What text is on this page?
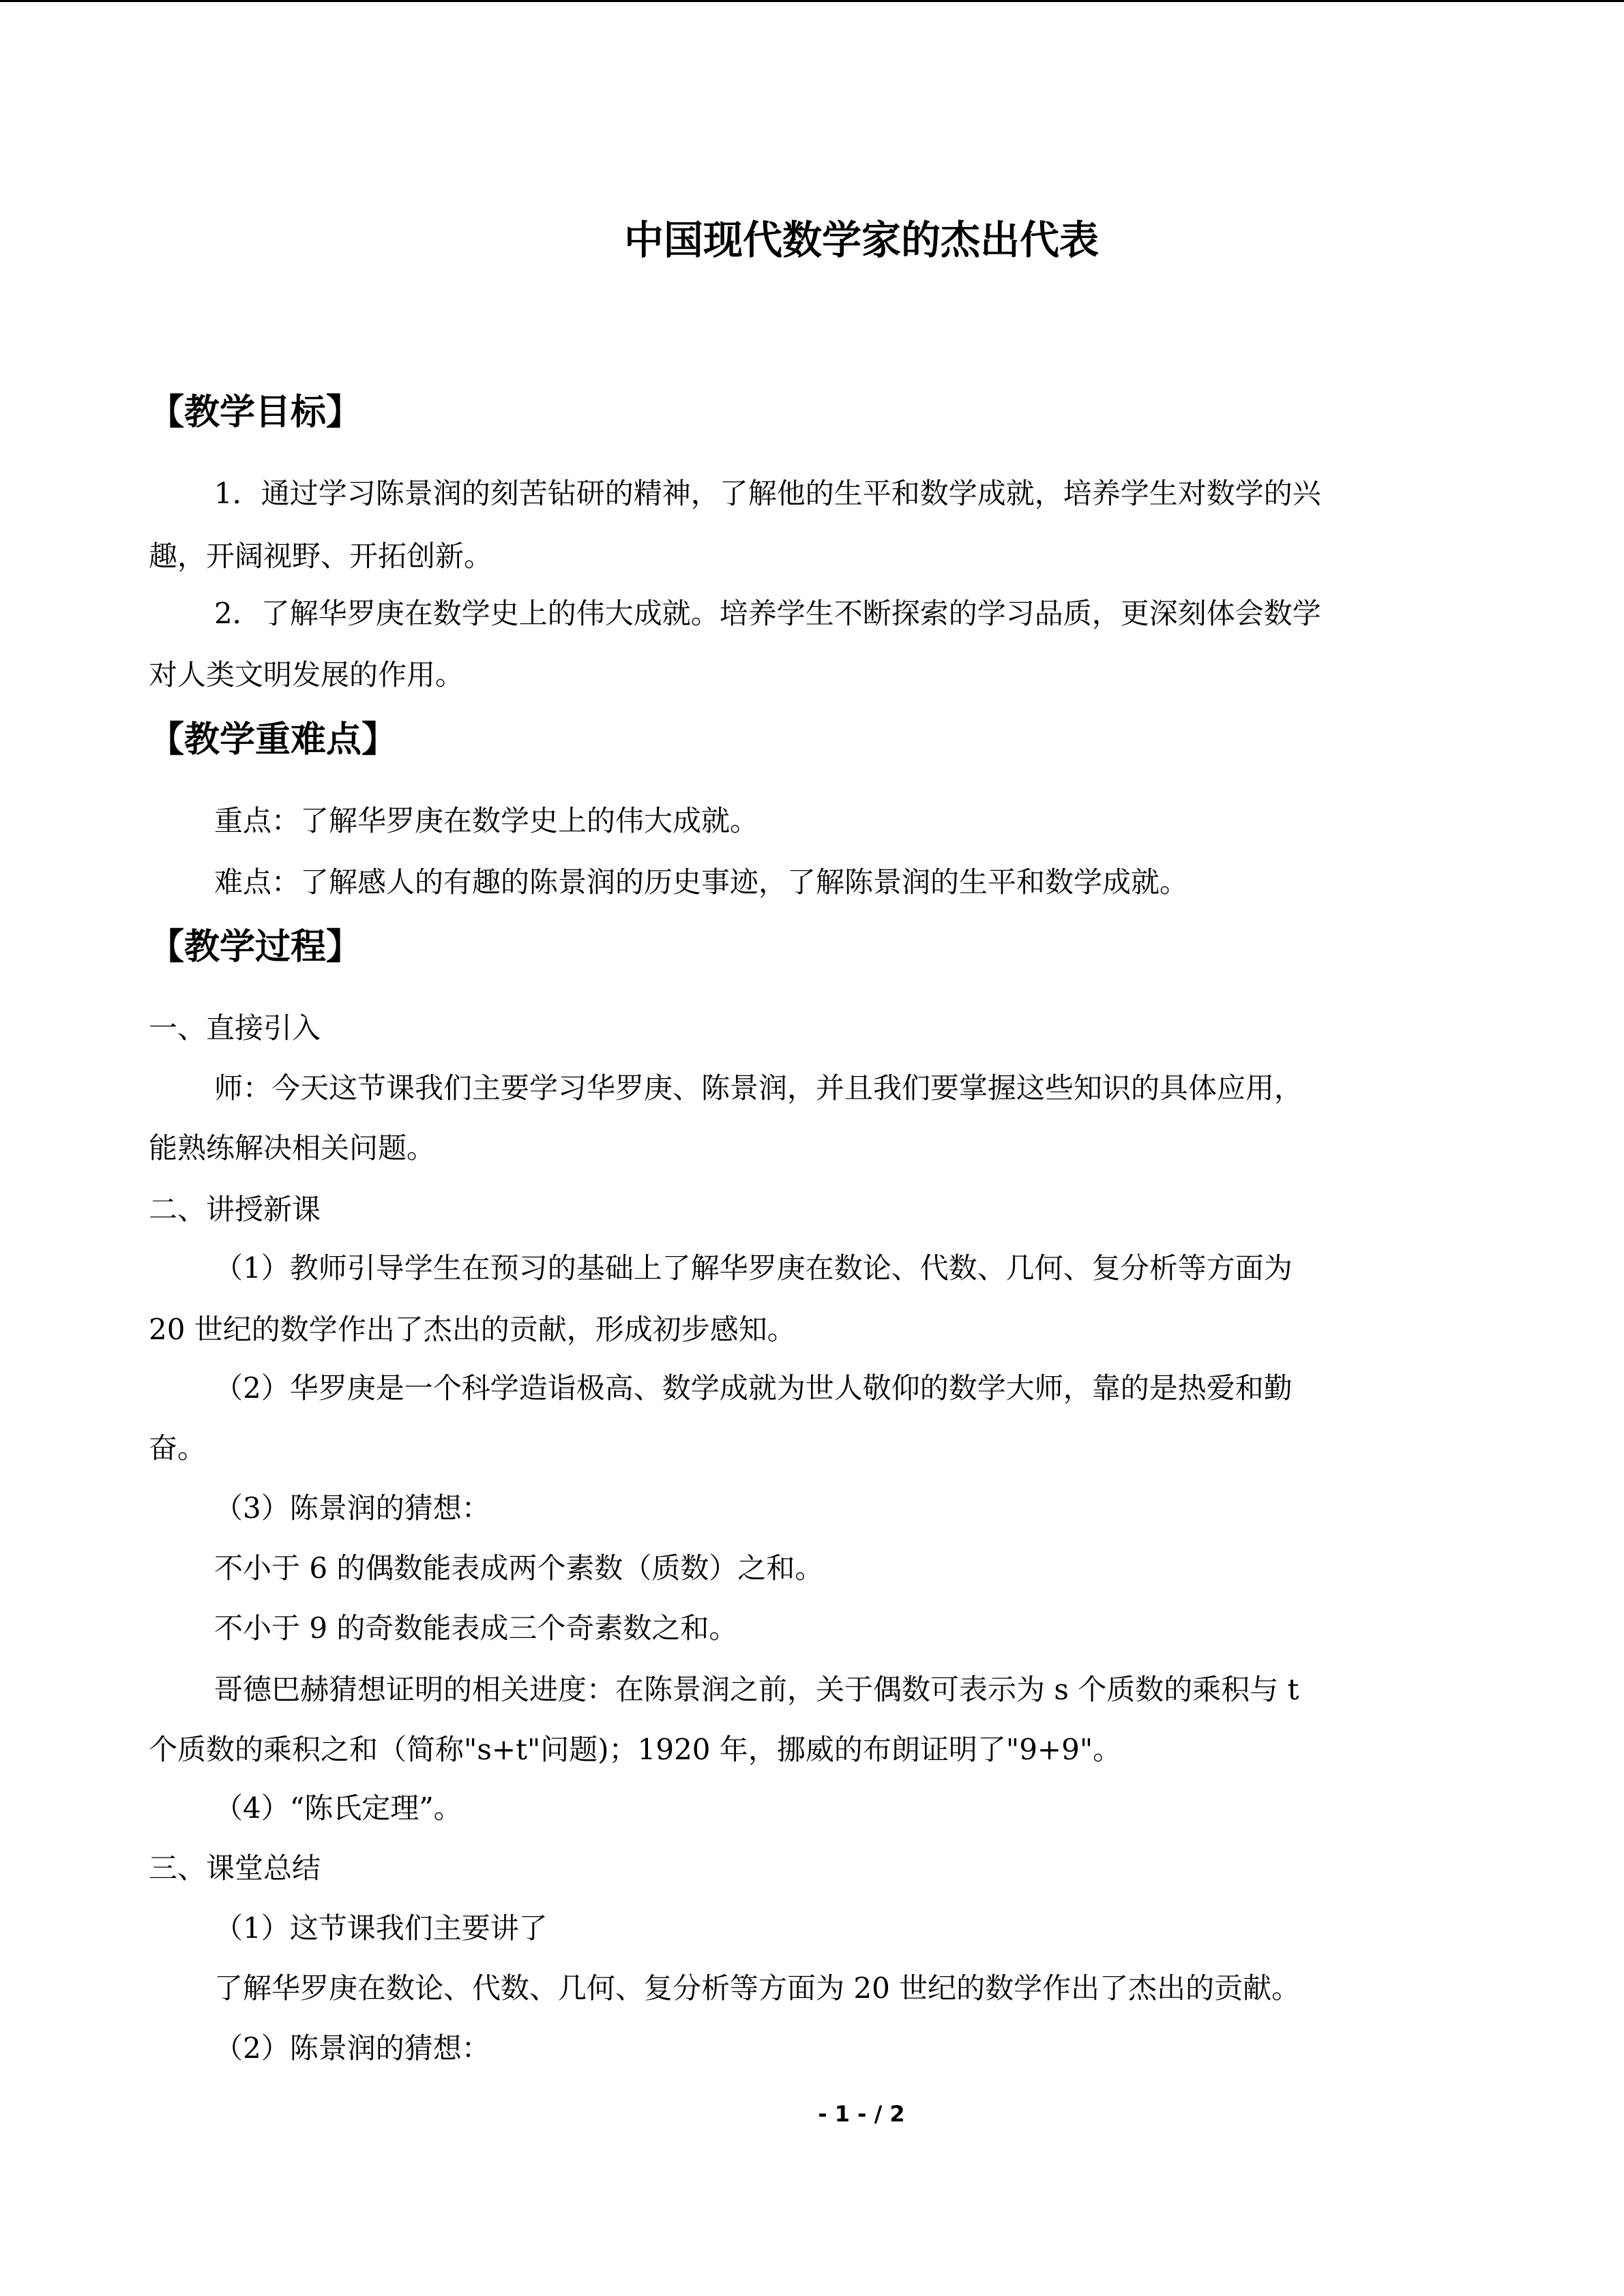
中国现代数学家的杰出代表
【教学目标】
1．通过学习陈景润的刻苦钻研的精神，了解他的生平和数学成就，培养学生对数学的兴
趣，开阔视野、开拓创新。
2．了解华罗庚在数学史上的伟大成就。培养学生不断探索的学习品质，更深刻体会数学
对人类文明发展的作用。
【教学重难点】
重点：了解华罗庚在数学史上的伟大成就。
难点：了解感人的有趣的陈景润的历史事迹，了解陈景润的生平和数学成就。
【教学过程】
一、直接引入
师：今天这节课我们主要学习华罗庚、陈景润，并且我们要掌握这些知识的具体应用，
能熟练解决相关问题。
二、讲授新课
（1）教师引导学生在预习的基础上了解华罗庚在数论、代数、几何、复分析等方面为
20 世纪的数学作出了杰出的贡献，形成初步感知。
（2）华罗庚是一个科学造诣极高、数学成就为世人敬仰的数学大师，靠的是热爱和勤
奋。
（3）陈景润的猜想：
不小于 6 的偶数能表成两个素数（质数）之和。
不小于 9 的奇数能表成三个奇素数之和。
哥德巴赫猜想证明的相关进度：在陈景润之前，关于偶数可表示为 s 个质数的乘积与 t
个质数的乘积之和（简称"s+t"问题)；1920 年，挪威的布朗证明了"9+9"。
（4）“陈氏定理”。
三、课堂总结
（1）这节课我们主要讲了
了解华罗庚在数论、代数、几何、复分析等方面为 20 世纪的数学作出了杰出的贡献。
（2）陈景润的猜想：
- 1 - / 2
